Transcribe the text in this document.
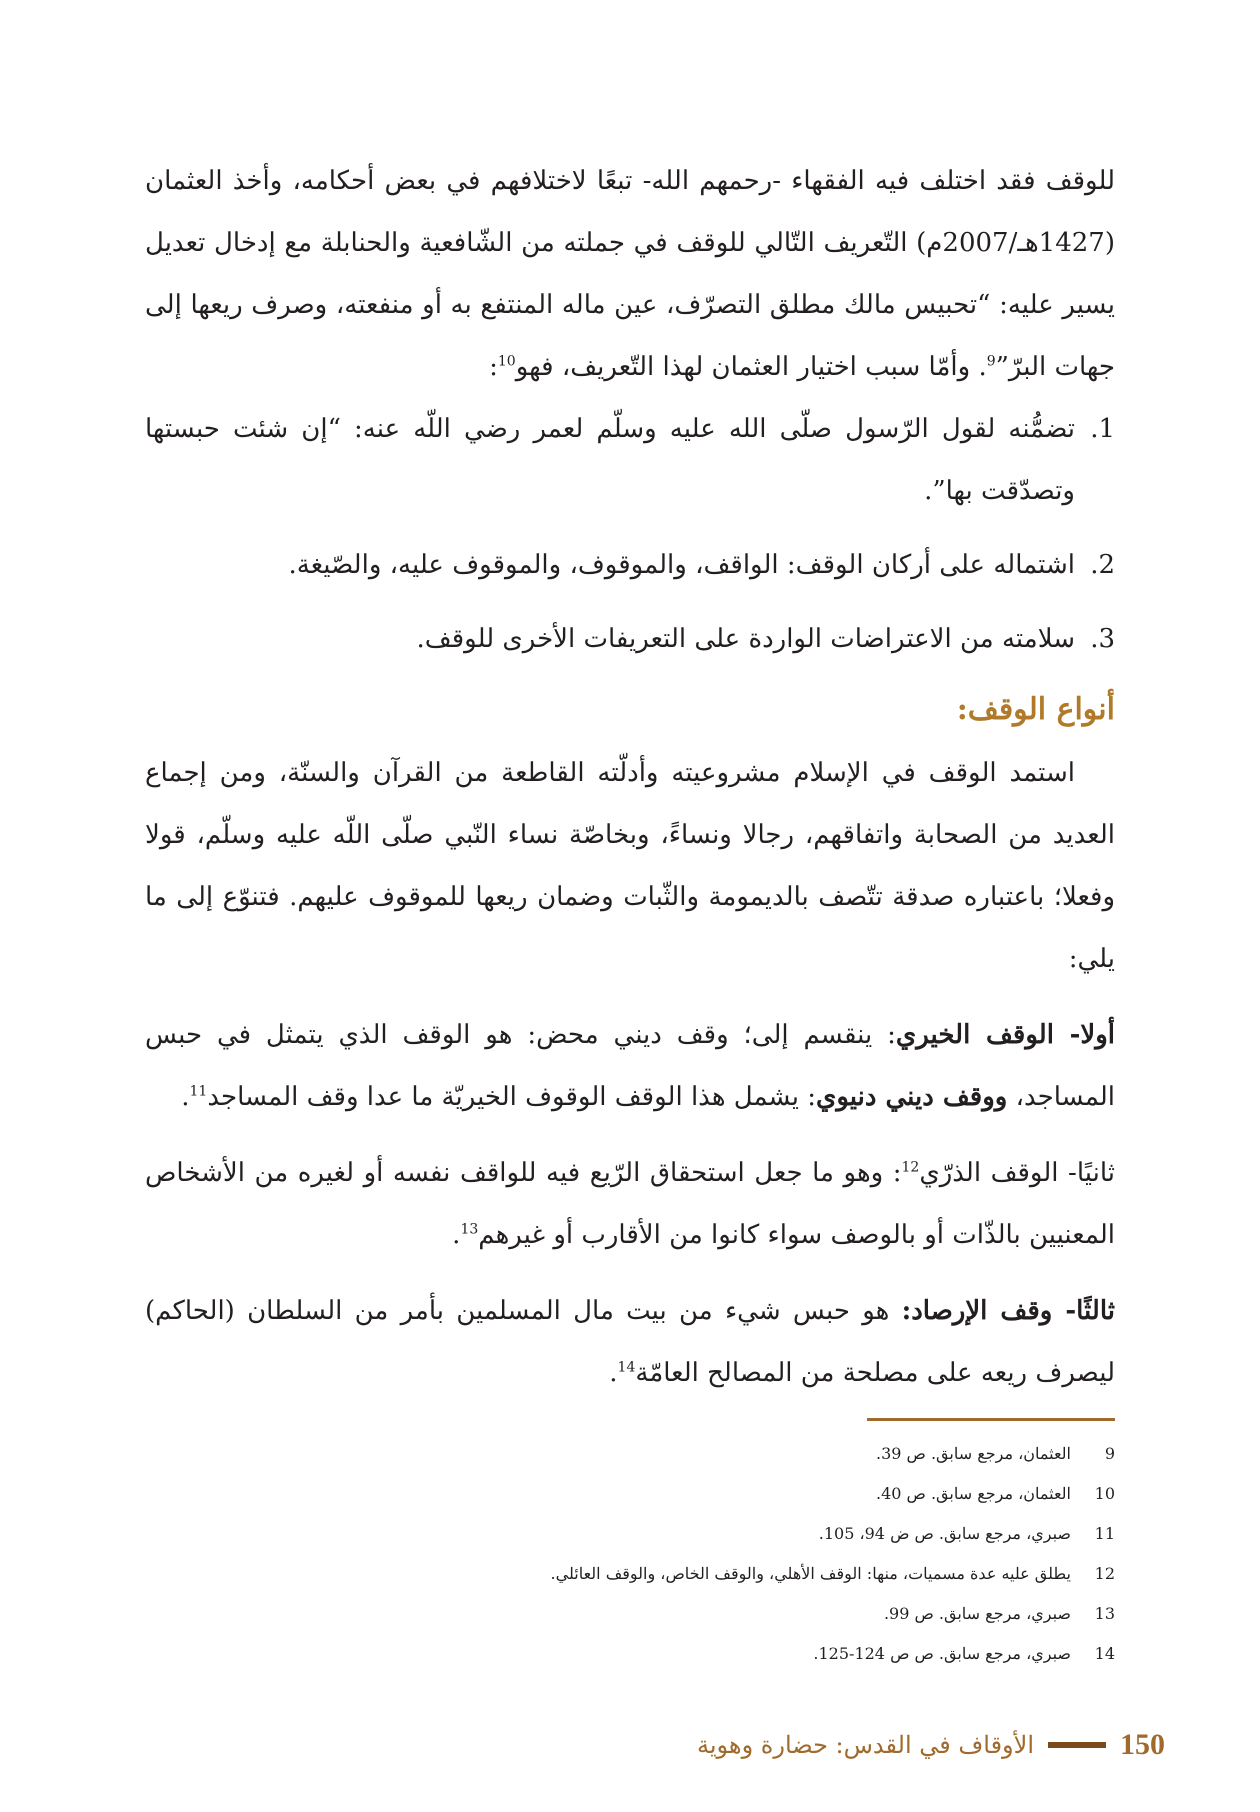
للوقف فقد اختلف فيه الفقهاء -رحمهم الله- تبعًا لاختلافهم في بعض أحكامه، وأخذ العثمان (1427هـ/2007م) التّعريف التّالي للوقف في جملته من الشّافعية والحنابلة مع إدخال تعديل يسير عليه: “تحبيس مالك مطلق التصرّف، عين ماله المنتفع به أو منفعته، وصرف ريعها إلى جهات البرّ”$^9$. وأمّا سبب اختيار العثمان لهذا التّعريف، فهو$^{10}$:

1.
تضمُّنه لقول الرّسول صلّى الله عليه وسلّم لعمر رضي اللّه عنه: “إن شئت حبستها وتصدّقت بها”.
2.
اشتماله على أركان الوقف: الواقف، والموقوف، والموقوف عليه، والصّيغة.
3.
سلامته من الاعتراضات الواردة على التعريفات الأخرى للوقف.
أنواع الوقف:

استمد الوقف في الإسلام مشروعيته وأدلّته القاطعة من القرآن والسنّة، ومن إجماع العديد من الصحابة واتفاقهم، رجالا ونساءً، وبخاصّة نساء النّبي صلّى اللّه عليه وسلّم، قولا وفعلا؛ باعتباره صدقة تتّصف بالديمومة والثّبات وضمان ريعها للموقوف عليهم. فتنوّع إلى ما يلي:

أولا- الوقف الخيري: ينقسم إلى؛ وقف ديني محض: هو الوقف الذي يتمثل في حبس المساجد، ووقف ديني دنيوي: يشمل هذا الوقف الوقوف الخيريّة ما عدا وقف المساجد$^{11}$.

ثانيًا- الوقف الذرّي$^{12}$: وهو ما جعل استحقاق الرّيع فيه للواقف نفسه أو لغيره من الأشخاص المعنيين بالذّات أو بالوصف سواء كانوا من الأقارب أو غيرهم$^{13}$.

ثالثًا- وقف الإرصاد: هو حبس شيء من بيت مال المسلمين بأمر من السلطان (الحاكم) ليصرف ريعه على مصلحة من المصالح العامّة$^{14}$.

9
العثمان، مرجع سابق. ص 39.
10
العثمان، مرجع سابق. ص 40.
11
صبري، مرجع سابق. ص ض 94، 105.
12
يطلق عليه عدة مسميات، منها: الوقف الأهلي، والوقف الخاص، والوقف العائلي.
13
صبري، مرجع سابق. ص 99.
14
صبري، مرجع سابق. ص ص 124-125.
150
الأوقاف في القدس: حضارة وهوية
